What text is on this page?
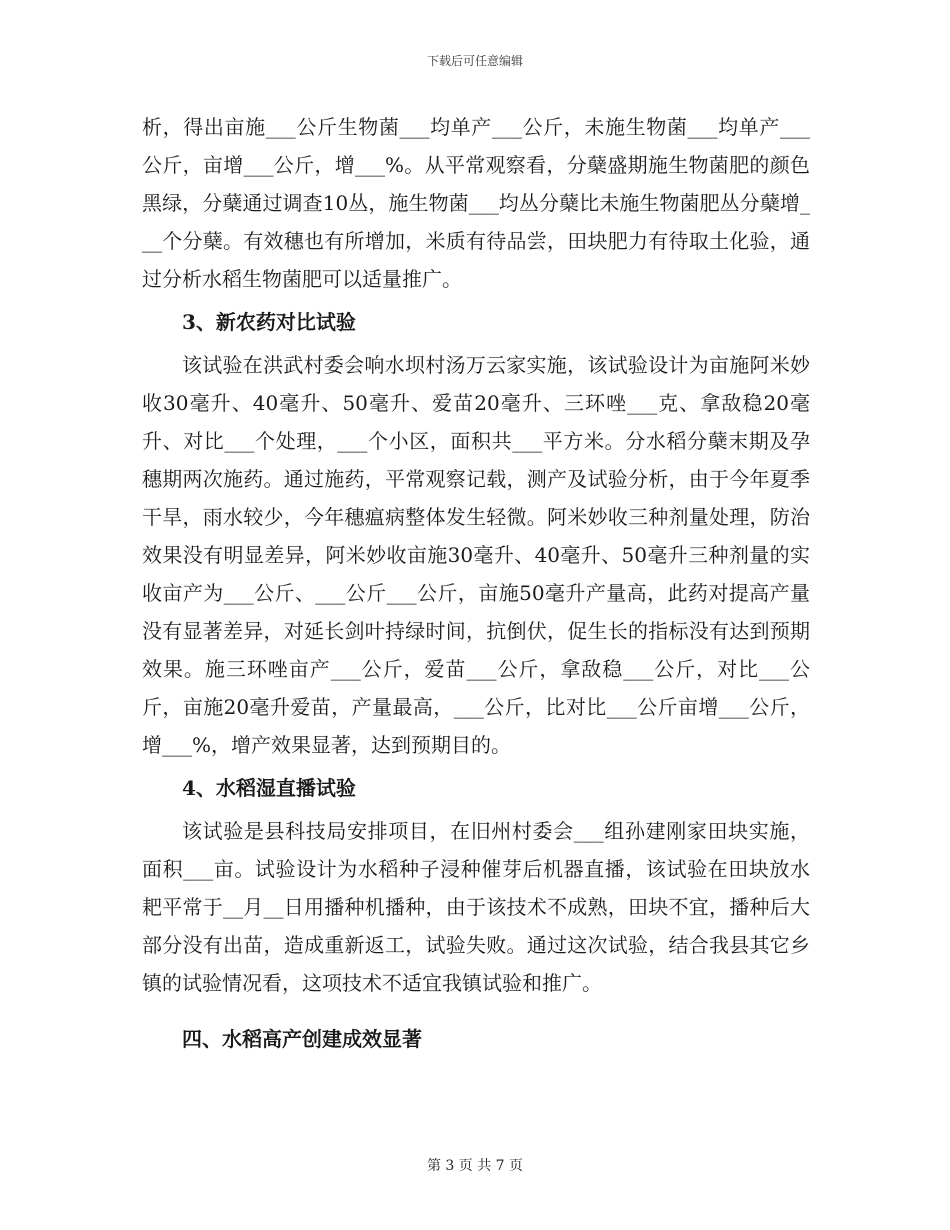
下载后可任意编辑

析，得出亩施___公斤生物菌___均单产___公斤，未施生物菌___均单产___公斤，亩增___公斤，增___%。从平常观察看，分蘖盛期施生物菌肥的颜色黑绿，分蘖通过调查10丛，施生物菌___均丛分蘖比未施生物菌肥丛分蘖增___个分蘖。有效穗也有所增加，米质有待品尝，田块肥力有待取土化验，通过分析水稻生物菌肥可以适量推广。

3、新农药对比试验

该试验在洪武村委会响水坝村汤万云家实施，该试验设计为亩施阿米妙收30毫升、40毫升、50毫升、爱苗20毫升、三环唑___克、拿敌稳20毫升、对比___个处理，___个小区，面积共___平方米。分水稻分蘖末期及孕穗期两次施药。通过施药，平常观察记载，测产及试验分析，由于今年夏季干旱，雨水较少，今年穗瘟病整体发生轻微。阿米妙收三种剂量处理，防治效果没有明显差异，阿米妙收亩施30毫升、40毫升、50毫升三种剂量的实收亩产为___公斤、___公斤___公斤，亩施50毫升产量高，此药对提高产量没有显著差异，对延长剑叶持绿时间，抗倒伏，促生长的指标没有达到预期效果。施三环唑亩产___公斤，爱苗___公斤，拿敌稳___公斤，对比___公斤，亩施20毫升爱苗，产量最高，___公斤，比对比___公斤亩增___公斤，增___%，增产效果显著，达到预期目的。

4、水稻湿直播试验

该试验是县科技局安排项目，在旧州村委会___组孙建刚家田块实施，面积___亩。试验设计为水稻种子浸种催芽后机器直播，该试验在田块放水耙平常于__月__日用播种机播种，由于该技术不成熟，田块不宜，播种后大部分没有出苗，造成重新返工，试验失败。通过这次试验，结合我县其它乡镇的试验情况看，这项技术不适宜我镇试验和推广。

四、水稻高产创建成效显著

第 3 页 共 7 页
